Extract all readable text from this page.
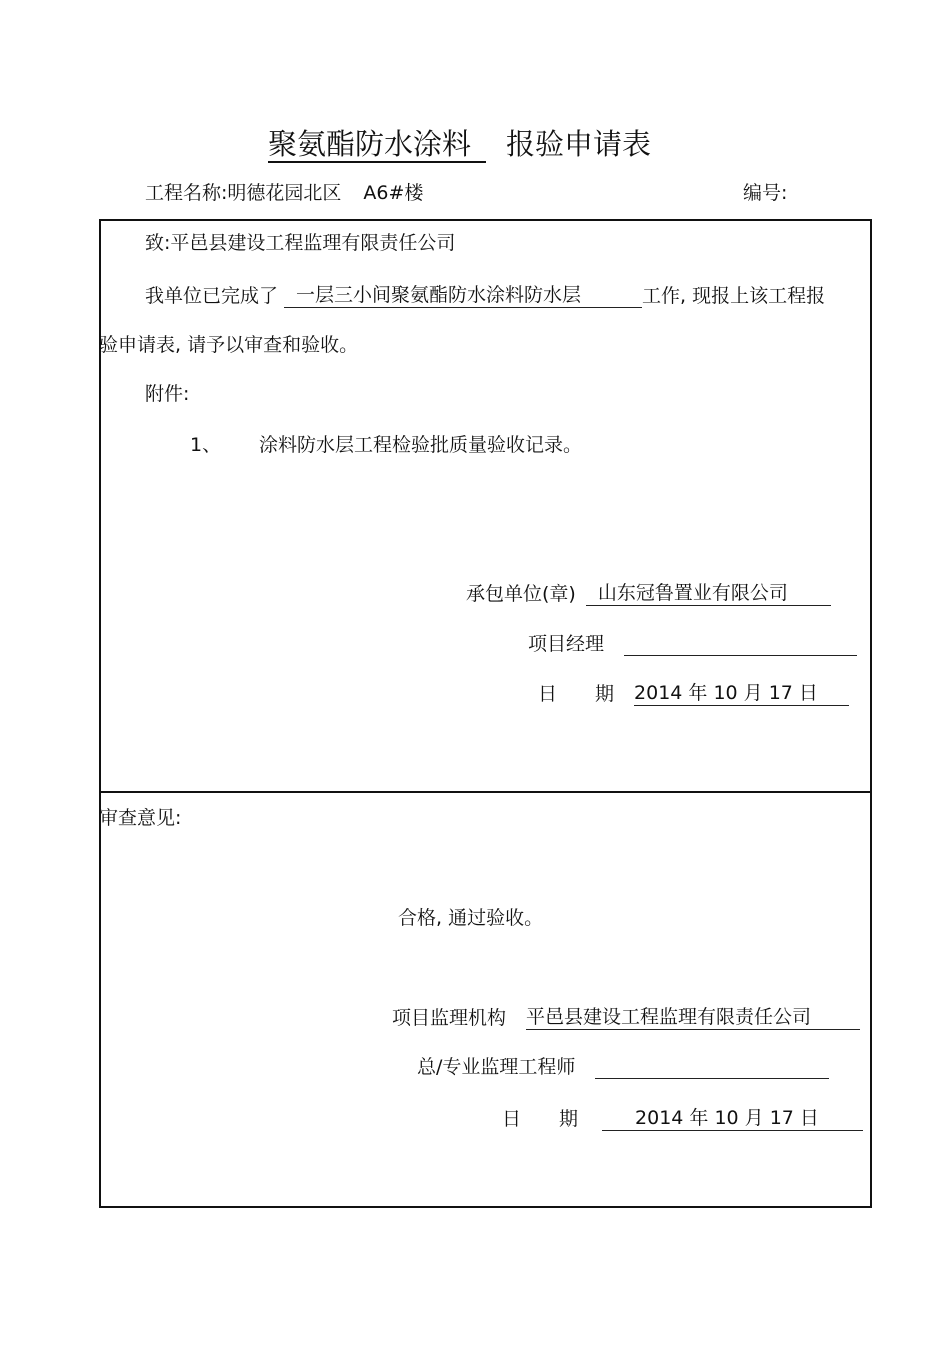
聚氨酯防水涂料 报验申请表
工程名称:明德花园北区 A6#楼	编号:
致:平邑县建设工程监理有限责任公司
我单位已完成了 一层三小间聚氨酯防水涂料防水层	工作, 现报上该工程报
验申请表, 请予以审查和验收。
附件:
1、 涂料防水层工程检验批质量验收记录。
承包单位(章) 山东冠鲁置业有限公司
项目经理
日　　期 2014 年 10 月 17 日
审查意见:
合格, 通过验收。
项目监理机构 平邑县建设工程监理有限责任公司
总/专业监理工程师
日　　期	2014 年 10 月 17 日
